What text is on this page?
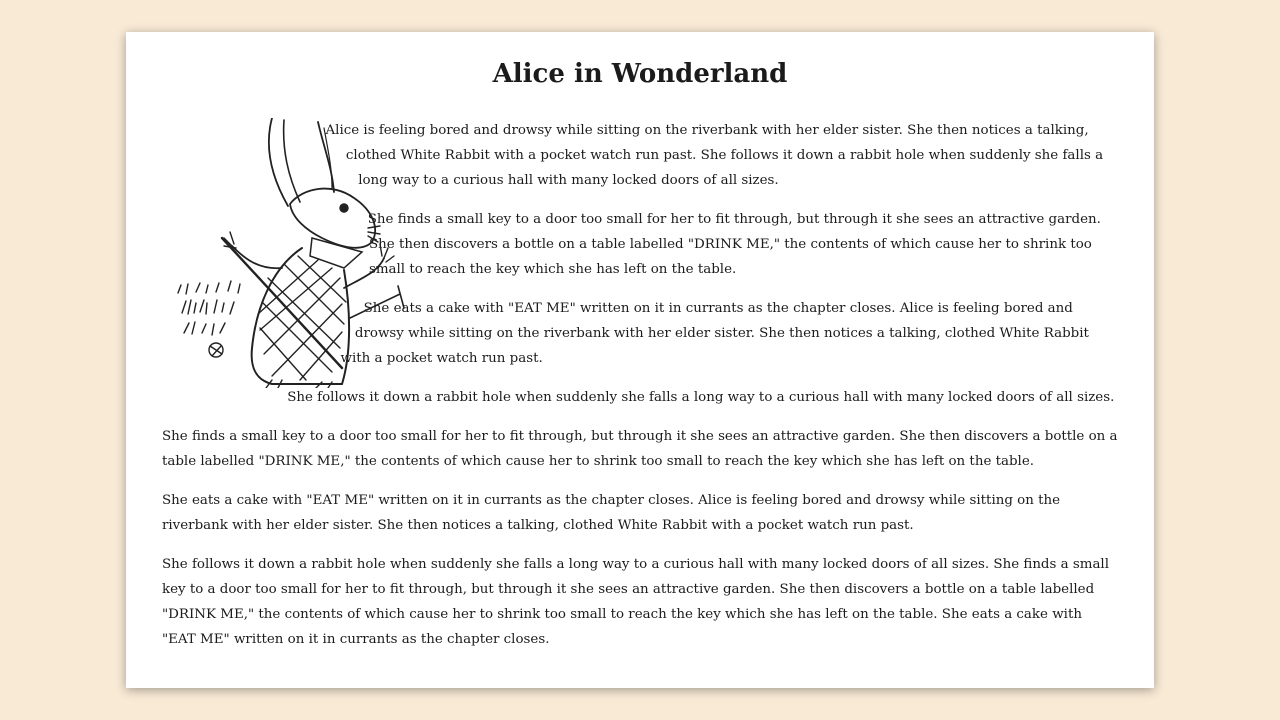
Alice in Wonderland

Alice is feeling bored and drowsy while sitting on the riverbank with her elder sister. She then notices a talking, clothed White Rabbit with a pocket watch run past. She follows it down a rabbit hole when suddenly she falls a long way to a curious hall with many locked doors of all sizes.

She finds a small key to a door too small for her to fit through, but through it she sees an attractive garden. She then discovers a bottle on a table labelled "DRINK ME," the contents of which cause her to shrink too small to reach the key which she has left on the table.

She eats a cake with "EAT ME" written on it in currants as the chapter closes. Alice is feeling bored and drowsy while sitting on the riverbank with her elder sister. She then notices a talking, clothed White Rabbit with a pocket watch run past.

She follows it down a rabbit hole when suddenly she falls a long way to a curious hall with many locked doors of all sizes.

She finds a small key to a door too small for her to fit through, but through it she sees an attractive garden. She then discovers a bottle on a table labelled "DRINK ME," the contents of which cause her to shrink too small to reach the key which she has left on the table.

She eats a cake with "EAT ME" written on it in currants as the chapter closes. Alice is feeling bored and drowsy while sitting on the riverbank with her elder sister. She then notices a talking, clothed White Rabbit with a pocket watch run past.

She follows it down a rabbit hole when suddenly she falls a long way to a curious hall with many locked doors of all sizes. She finds a small key to a door too small for her to fit through, but through it she sees an attractive garden. She then discovers a bottle on a table labelled "DRINK ME," the contents of which cause her to shrink too small to reach the key which she has left on the table. She eats a cake with "EAT ME" written on it in currants as the chapter closes.
